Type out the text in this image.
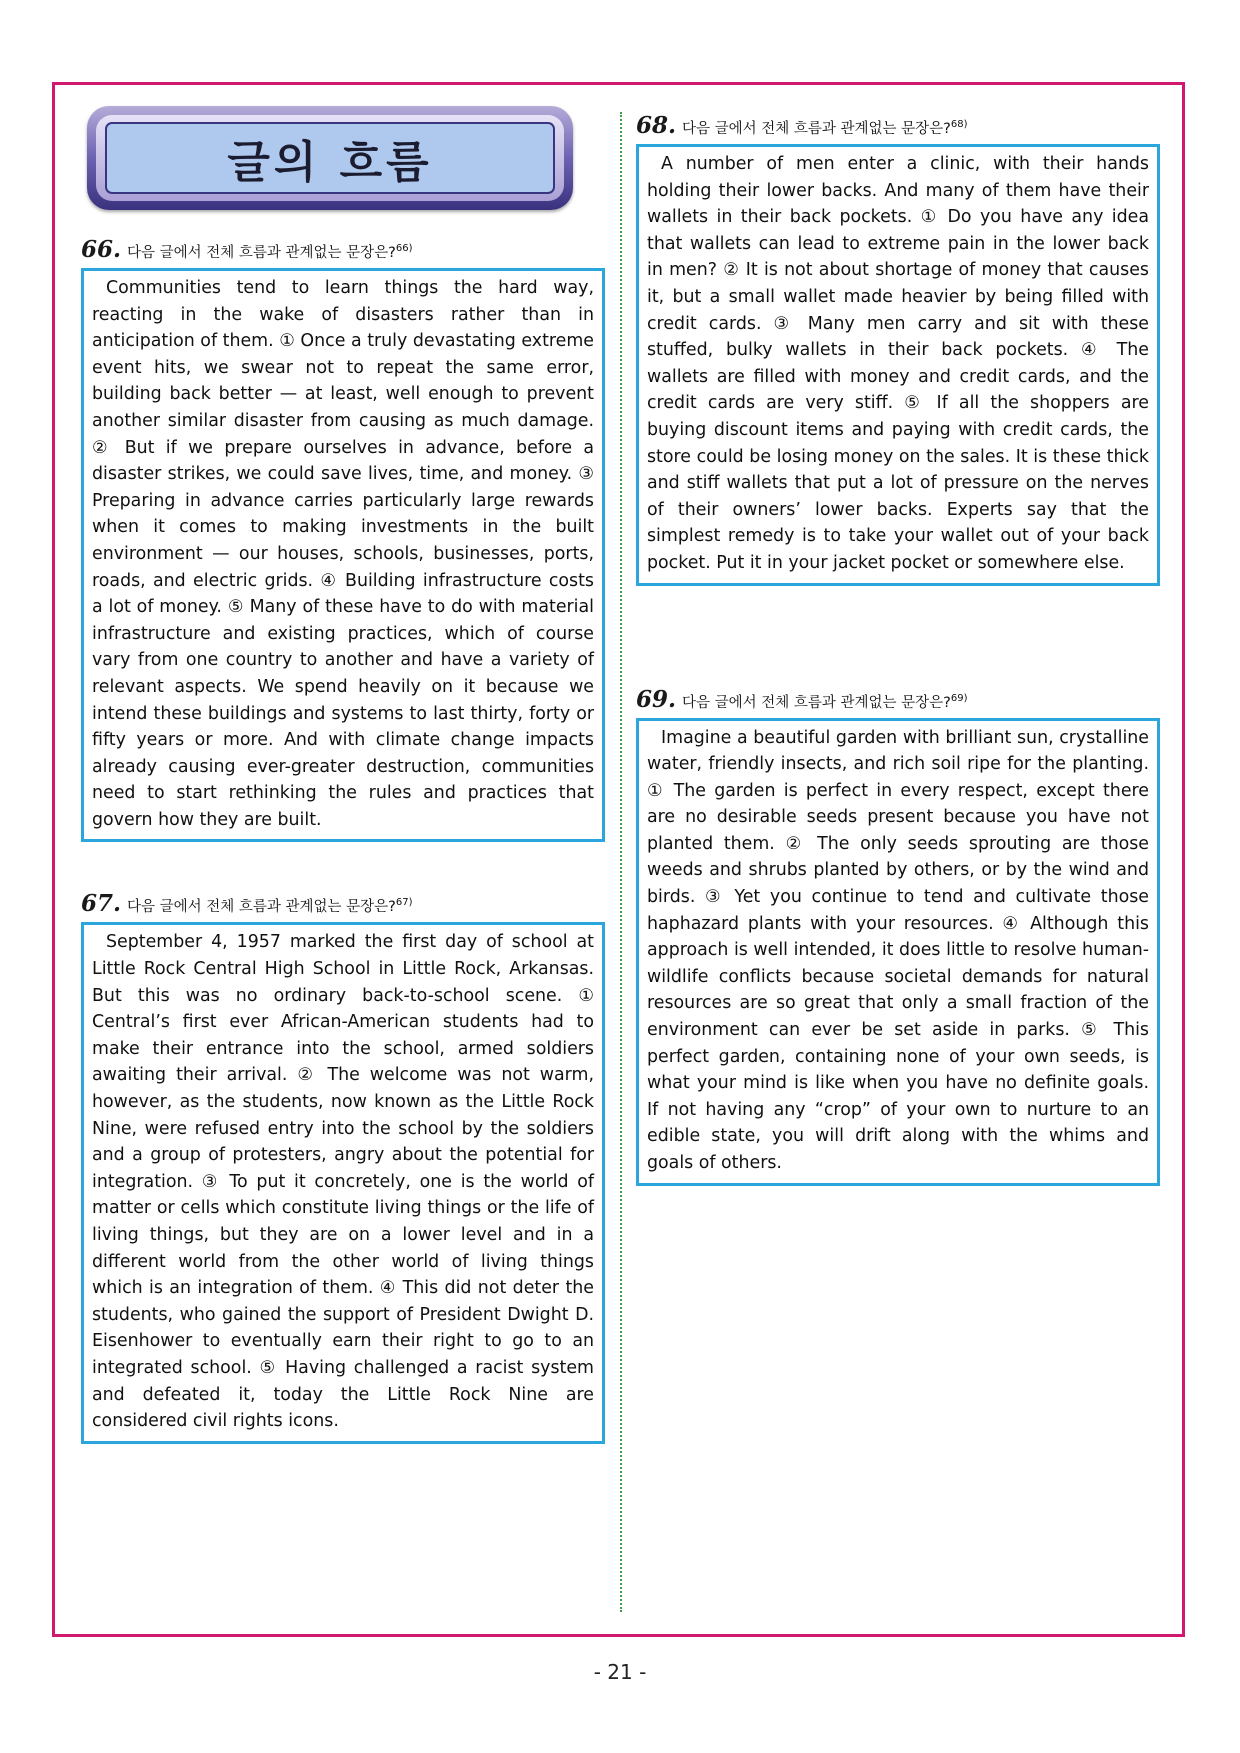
글의 흐름
66. 다음 글에서 전체 흐름과 관계없는 문장은?$^{66)}$

Communities tend to learn things the hard way, reacting in the wake of disasters rather than in anticipation of them. ① Once a truly devastating extreme event hits, we swear not to repeat the same error, building back better — at least, well enough to prevent another similar disaster from causing as much damage. ② But if we prepare ourselves in advance, before a disaster strikes, we could save lives, time, and money. ③ Preparing in advance carries particularly large rewards when it comes to making investments in the built environment — our houses, schools, businesses, ports, roads, and electric grids. ④ Building infrastructure costs a lot of money. ⑤ Many of these have to do with material infrastructure and existing practices, which of course vary from one country to another and have a variety of relevant aspects. We spend heavily on it because we intend these buildings and systems to last thirty, forty or fifty years or more. And with climate change impacts already causing ever-greater destruction, communities need to start rethinking the rules and practices that govern how they are built.

67. 다음 글에서 전체 흐름과 관계없는 문장은?$^{67)}$

September 4, 1957 marked the first day of school at Little Rock Central High School in Little Rock, Arkansas. But this was no ordinary back-to-school scene. ① Central’s first ever African-American students had to make their entrance into the school, armed soldiers awaiting their arrival. ② The welcome was not warm, however, as the students, now known as the Little Rock Nine, were refused entry into the school by the soldiers and a group of protesters, angry about the potential for integration. ③ To put it concretely, one is the world of matter or cells which constitute living things or the life of living things, but they are on a lower level and in a different world from the other world of living things which is an integration of them. ④ This did not deter the students, who gained the support of President Dwight D. Eisenhower to eventually earn their right to go to an integrated school. ⑤ Having challenged a racist system and defeated it, today the Little Rock Nine are considered civil rights icons.

68. 다음 글에서 전체 흐름과 관계없는 문장은?$^{68)}$

A number of men enter a clinic, with their hands holding their lower backs. And many of them have their wallets in their back pockets. ① Do you have any idea that wallets can lead to extreme pain in the lower back in men? ② It is not about shortage of money that causes it, but a small wallet made heavier by being filled with credit cards. ③ Many men carry and sit with these stuffed, bulky wallets in their back pockets. ④ The wallets are filled with money and credit cards, and the credit cards are very stiff. ⑤ If all the shoppers are buying discount items and paying with credit cards, the store could be losing money on the sales. It is these thick and stiff wallets that put a lot of pressure on the nerves of their owners’ lower backs. Experts say that the simplest remedy is to take your wallet out of your back pocket. Put it in your jacket pocket or somewhere else.

69. 다음 글에서 전체 흐름과 관계없는 문장은?$^{69)}$

Imagine a beautiful garden with brilliant sun, crystalline water, friendly insects, and rich soil ripe for the planting. ① The garden is perfect in every respect, except there are no desirable seeds present because you have not planted them. ② The only seeds sprouting are those weeds and shrubs planted by others, or by the wind and birds. ③ Yet you continue to tend and cultivate those haphazard plants with your resources. ④ Although this approach is well intended, it does little to resolve human-wildlife conflicts because societal demands for natural resources are so great that only a small fraction of the environment can ever be set aside in parks. ⑤ This perfect garden, containing none of your own seeds, is what your mind is like when you have no definite goals. If not having any “crop” of your own to nurture to an edible state, you will drift along with the whims and goals of others.

- 21 -
